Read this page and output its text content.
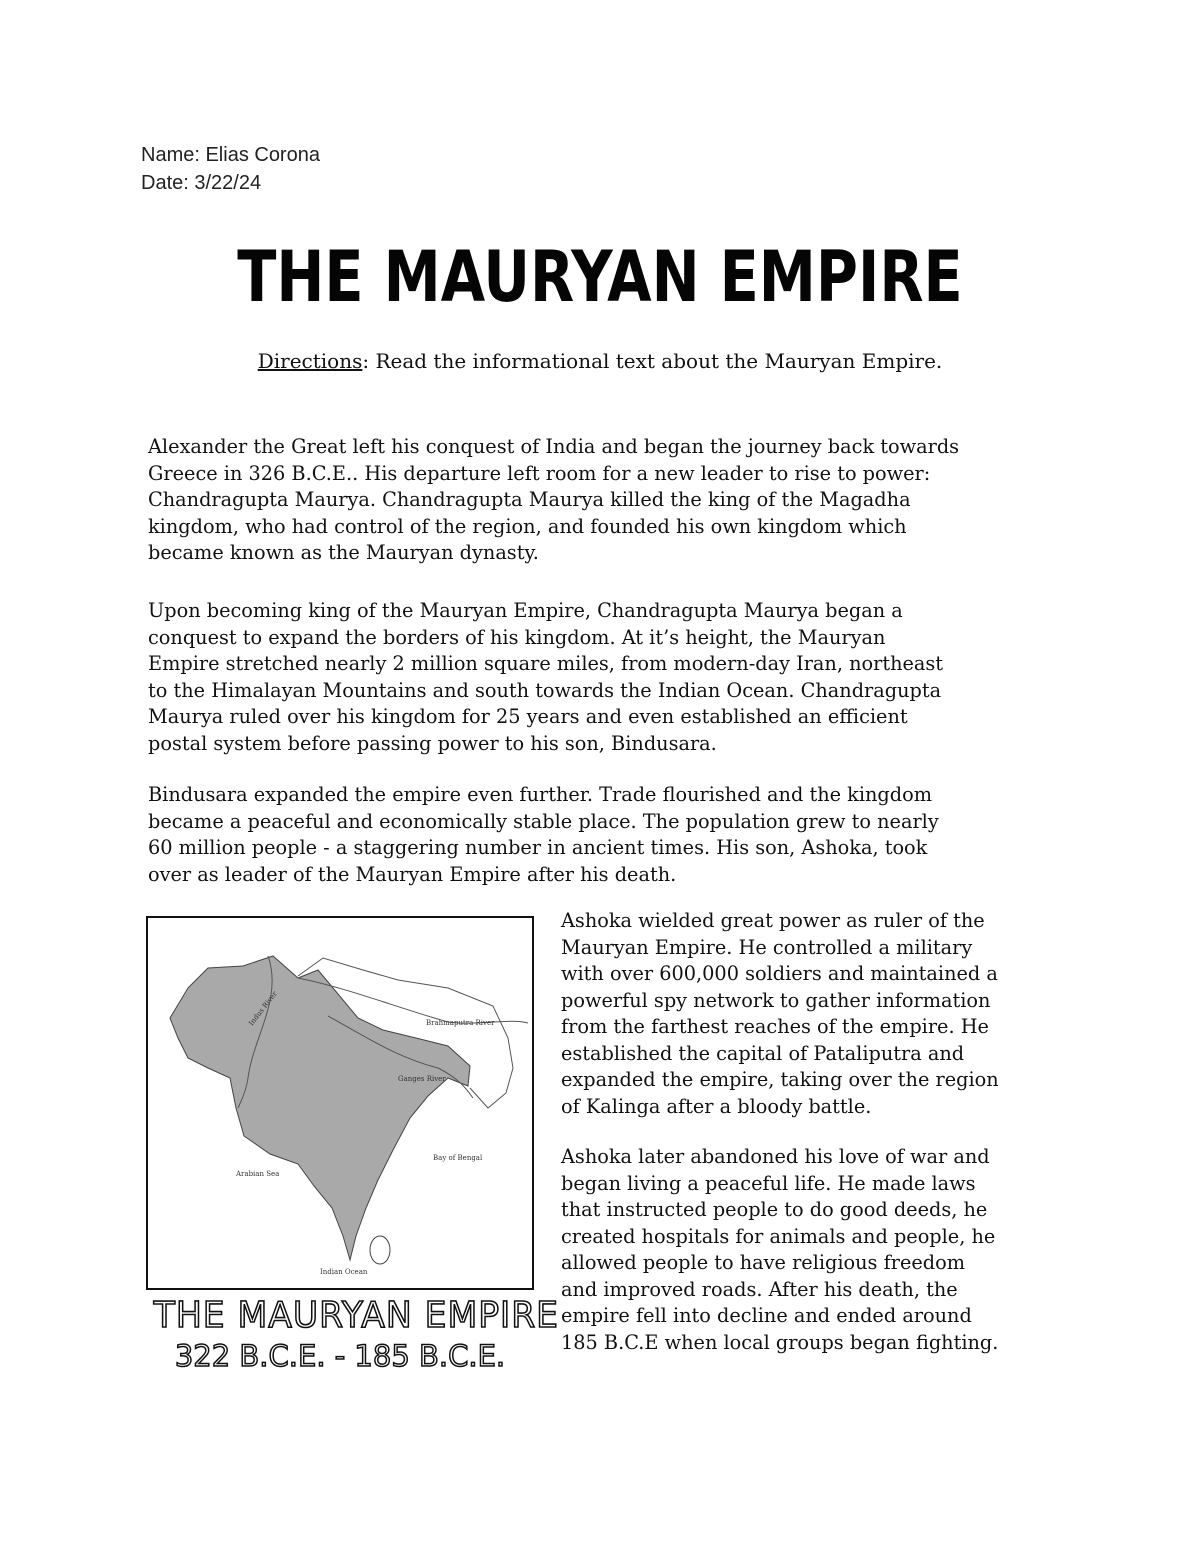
Name: Elias Corona
Date: 3/22/24
THE MAURYAN EMPIRE
Directions: Read the informational text about the Mauryan Empire.
Alexander the Great left his conquest of India and began the journey back towards
Greece in 326 B.C.E.. His departure left room for a new leader to rise to power:
Chandragupta Maurya. Chandragupta Maurya killed the king of the Magadha
kingdom, who had control of the region, and founded his own kingdom which
became known as the Mauryan dynasty.
Upon becoming king of the Mauryan Empire, Chandragupta Maurya began a
conquest to expand the borders of his kingdom. At it’s height, the Mauryan
Empire stretched nearly 2 million square miles, from modern-day Iran, northeast
to the Himalayan Mountains and south towards the Indian Ocean. Chandragupta
Maurya ruled over his kingdom for 25 years and even established an efficient
postal system before passing power to his son, Bindusara.
Bindusara expanded the empire even further. Trade flourished and the kingdom
became a peaceful and economically stable place. The population grew to nearly
60 million people - a staggering number in ancient times. His son, Ashoka, took
over as leader of the Mauryan Empire after his death.
Indus River	Brahmaputra River
Ganges River
Arabian Sea
Bay of Bengal
Indian Ocean
THE MAURYAN EMPIRE
322 B.C.E. - 185 B.C.E.
Ashoka wielded great power as ruler of the
Mauryan Empire. He controlled a military
with over 600,000 soldiers and maintained a
powerful spy network to gather information
from the farthest reaches of the empire. He
established the capital of Pataliputra and
expanded the empire, taking over the region
of Kalinga after a bloody battle.
Ashoka later abandoned his love of war and
began living a peaceful life. He made laws
that instructed people to do good deeds, he
created hospitals for animals and people, he
allowed people to have religious freedom
and improved roads. After his death, the
empire fell into decline and ended around
185 B.C.E when local groups began fighting.
